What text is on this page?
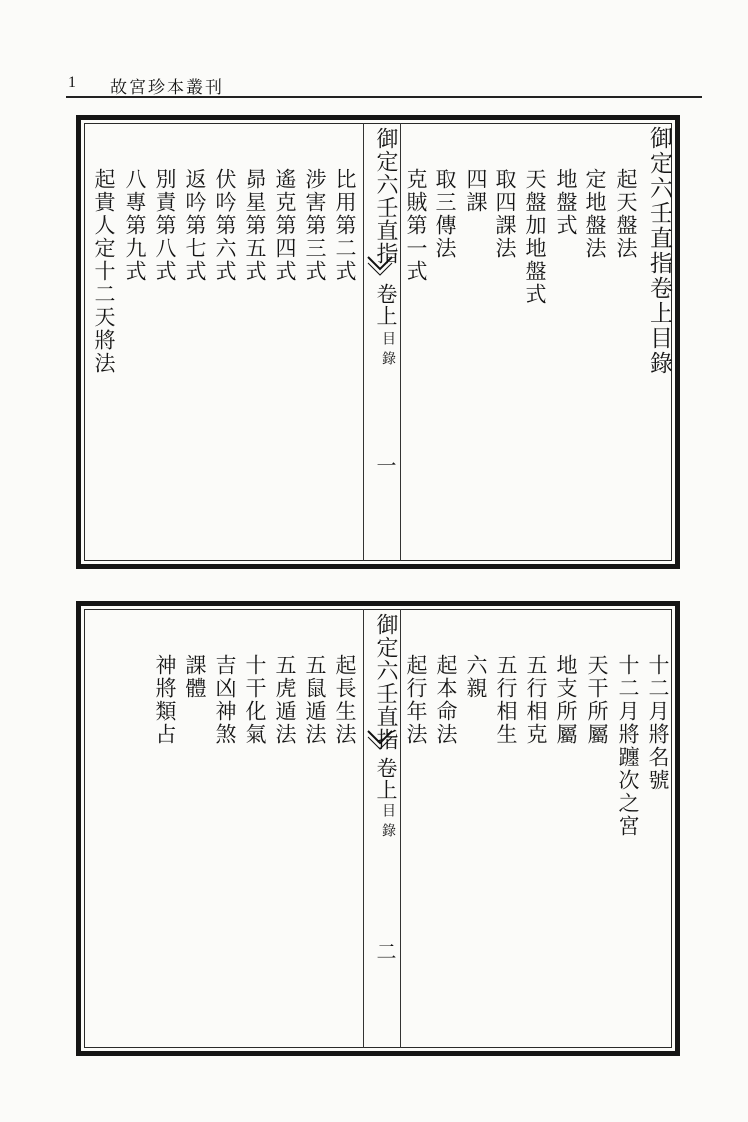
1 故宮珍本叢刊
御定六壬直指卷上目錄
起天盤法
定地盤法
地盤式
天盤加地盤式
取四課法
四課
取三傳法
克賊第一式
御定六壬直指
卷上
目錄
一
比用第二式
涉害第三式
遙克第四式
昴星第五式
伏吟第六式
返吟第七式
別責第八式
八專第九式
起貴人定十二天將法
十二月將名號
十二月將躔次之宮
天干所屬
地支所屬
五行相克
五行相生
六親
起本命法
起行年法
御定六壬直指
卷上
目錄
二
起長生法
五鼠遁法
五虎遁法
十干化氣
吉凶神煞
課體
神將類占
